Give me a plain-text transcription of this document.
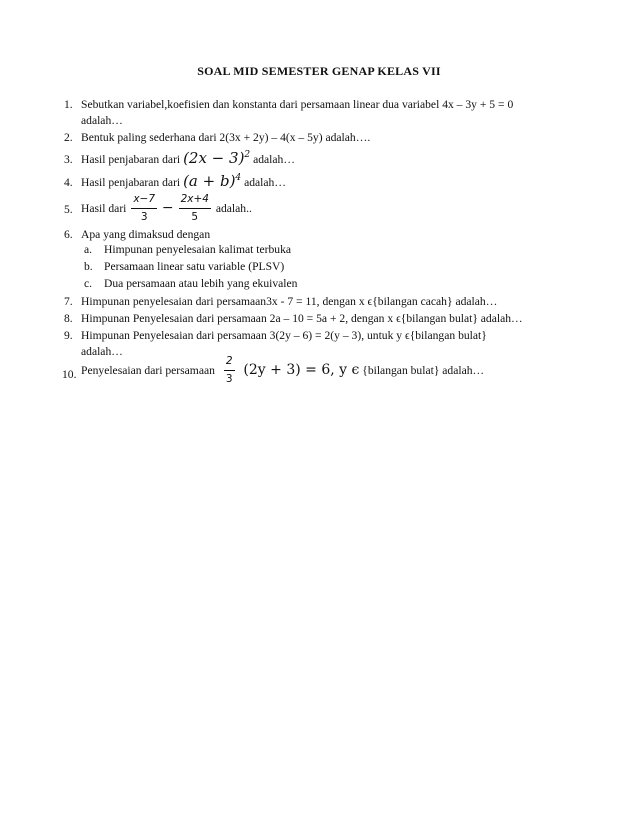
SOAL MID SEMESTER GENAP KELAS VII
1. Sebutkan variabel,koefisien dan konstanta dari persamaan linear dua variabel 4x – 3y + 5 = 0
adalah…
2. Bentuk paling sederhana dari 2(3x + 2y) – 4(x – 5y) adalah….
3. Hasil penjabaran dari $(2x - 3)^2$ adalah…
4. Hasil penjabaran dari $(a + b)^4$ adalah…
5. Hasil dari $\frac{x-7}{3} - \frac{2x+4}{5}$ adalah..
6. Apa yang dimaksud dengan
a. Himpunan penyelesaian kalimat terbuka
b. Persamaan linear satu variable (PLSV)
c. Dua persamaan atau lebih yang ekuivalen
7. Himpunan penyelesaian dari persamaan3x - 7 = 11, dengan x ϵ{bilangan cacah} adalah…
8. Himpunan Penyelesaian dari persamaan 2a – 10 = 5a + 2, dengan x ϵ{bilangan bulat} adalah…
9. Himpunan Penyelesaian dari persamaan 3(2y – 6) = 2(y – 3), untuk y ϵ{bilangan bulat}
adalah…
10. Penyelesaian dari persamaan $\frac{2}{3} (2y + 3) = 6$, y ϵ {bilangan bulat} adalah…
